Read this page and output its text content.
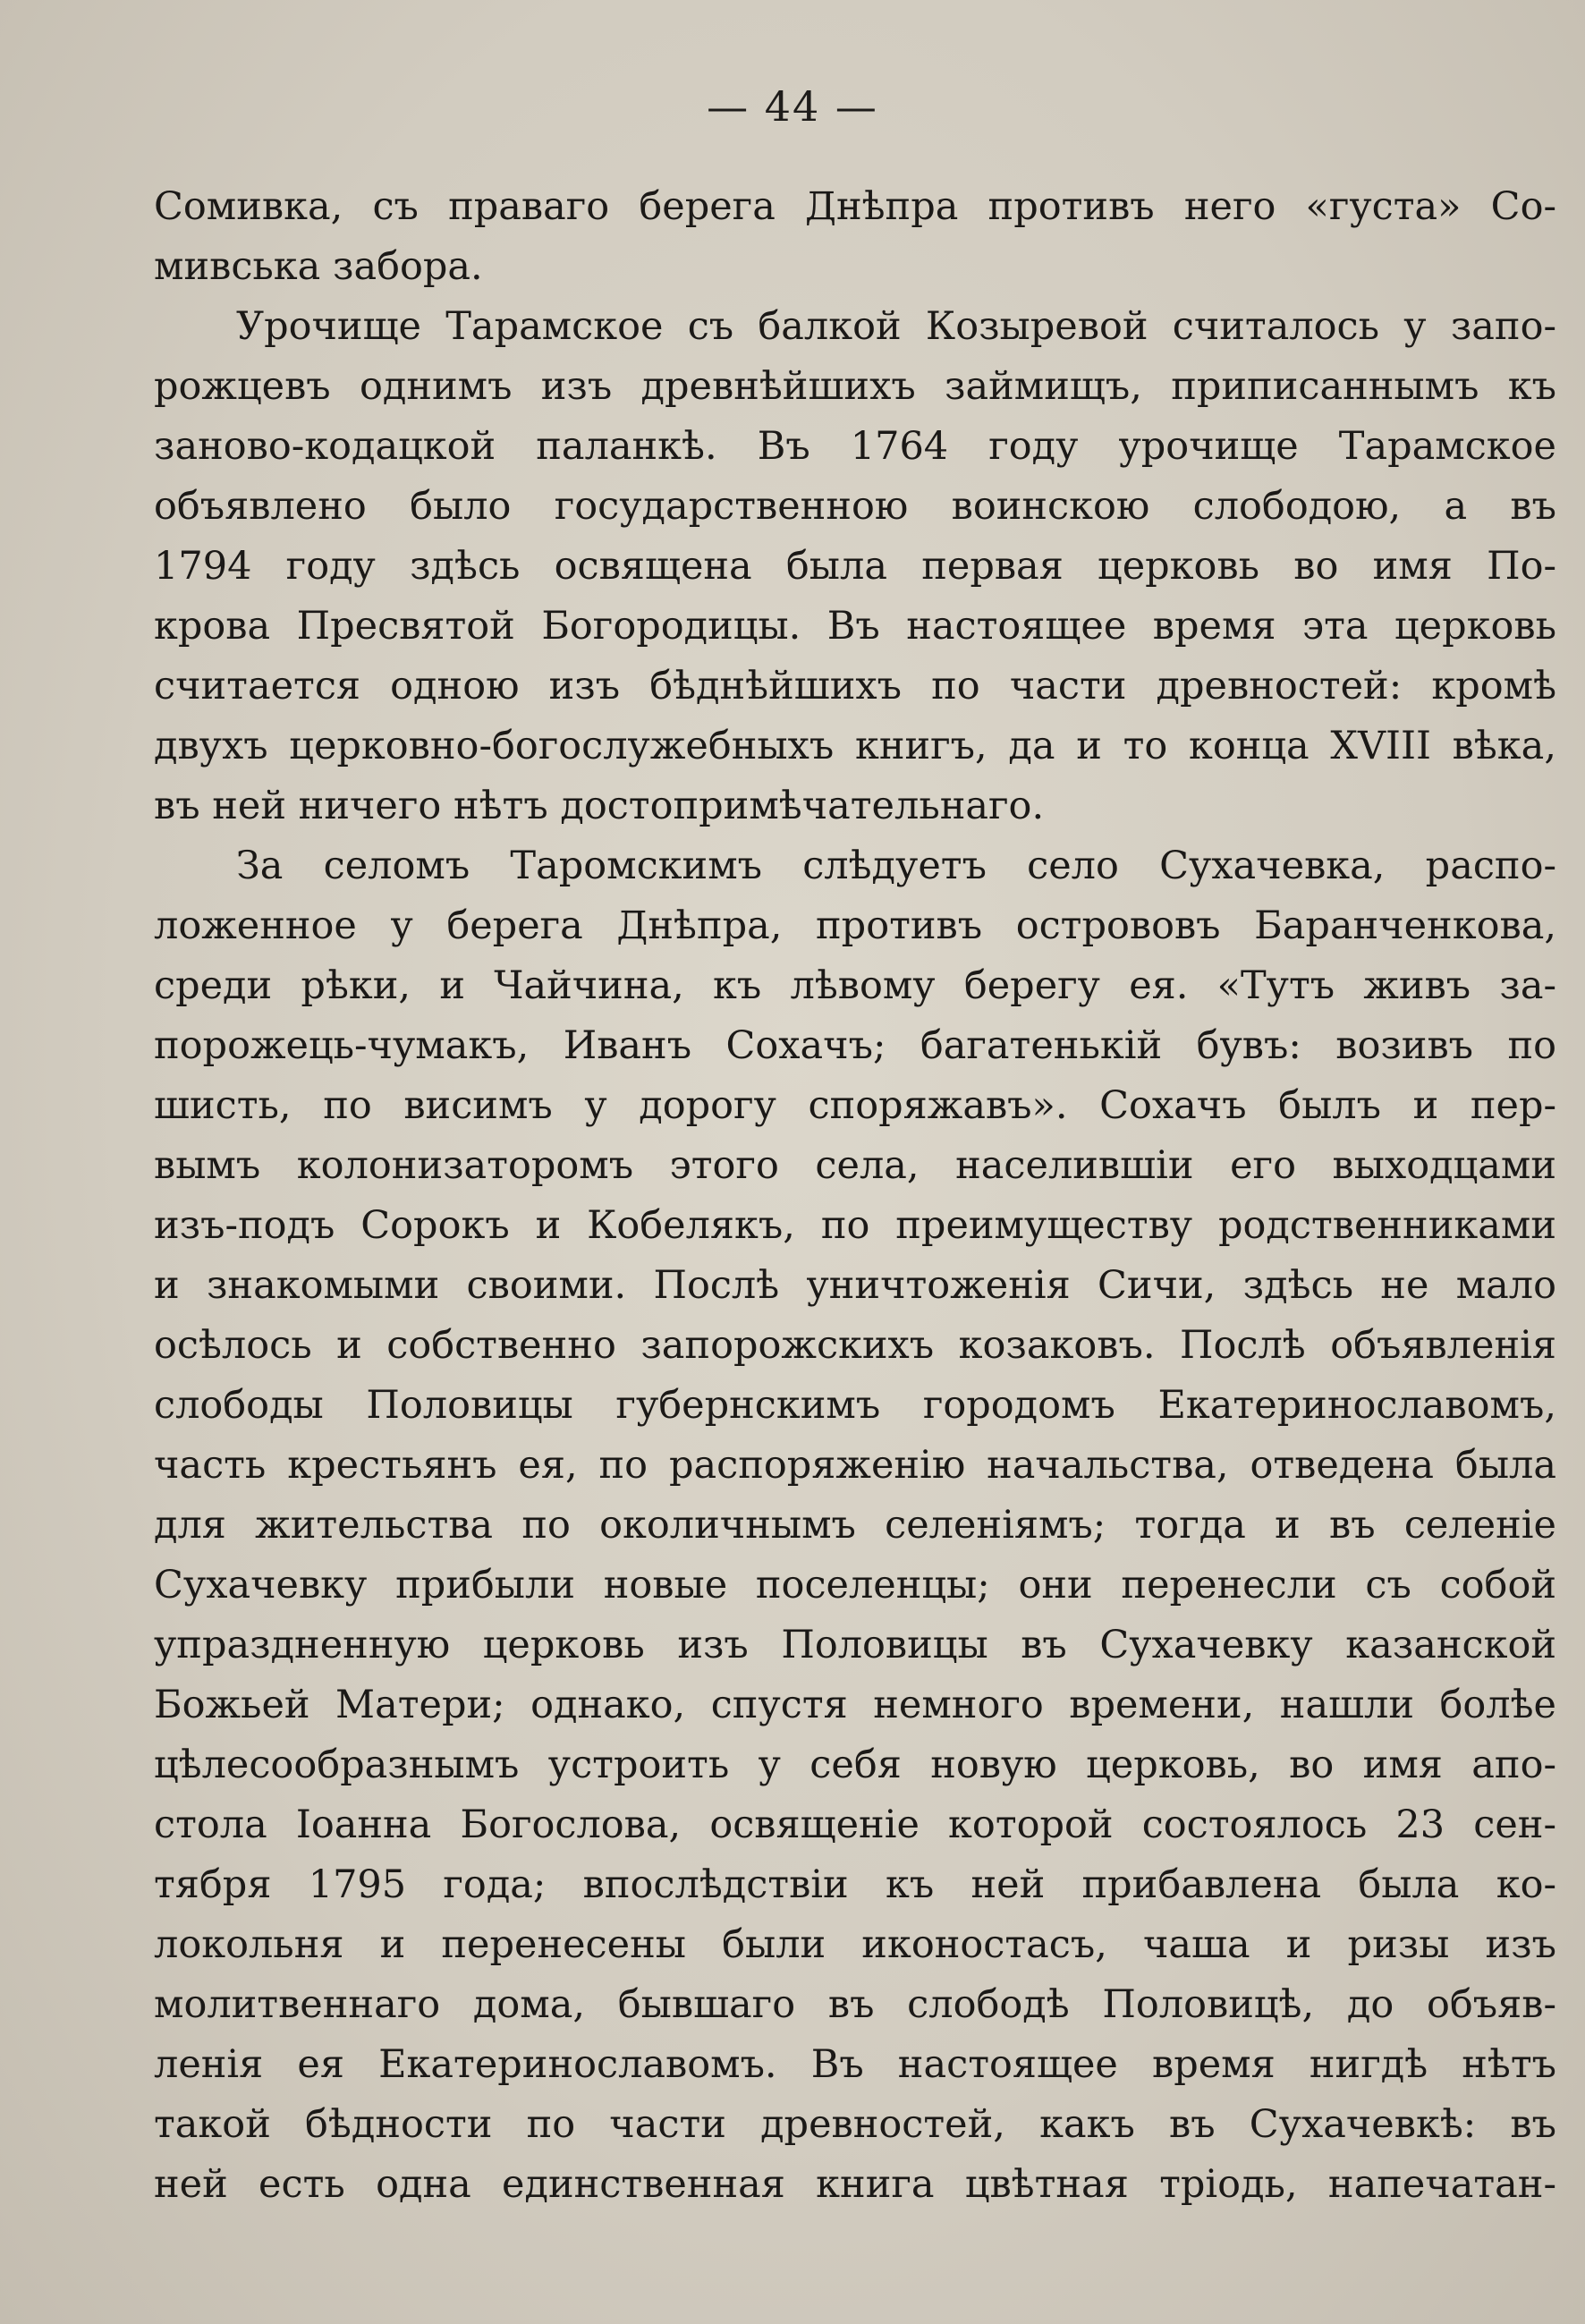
— 44 —
Сомивка, съ праваго берега Днѣпра противъ него «густа» Со-
мивська забора.
Урочище Тарамское съ балкой Козыревой считалось у запо-
рожцевъ однимъ изъ древнѣйшихъ займищъ, приписаннымъ къ
заново-кодацкой паланкѣ. Въ 1764 году урочище Тарамское
объявлено было государственною воинскою слободою, а въ
1794 году здѣсь освящена была первая церковь во имя По-
крова Пресвятой Богородицы. Въ настоящее время эта церковь
считается одною изъ бѣднѣйшихъ по части древностей: кромѣ
двухъ церковно-богослужебныхъ книгъ, да и то конца XVIII вѣка,
въ ней ничего нѣтъ достопримѣчательнаго.
За селомъ Таромскимъ слѣдуетъ село Сухачевка, распо-
ложенное у берега Днѣпра, противъ острововъ Баранченкова,
среди рѣки, и Чайчина, къ лѣвому берегу ея. «Тутъ живъ за-
порожець-чумакъ, Иванъ Сохачъ; багатенькій бувъ: возивъ по
шисть, по висимъ у дорогу споряжавъ». Сохачъ былъ и пер-
вымъ колонизаторомъ этого села, населившіи его выходцами
изъ-подъ Сорокъ и Кобелякъ, по преимуществу родственниками
и знакомыми своими. Послѣ уничтоженія Сичи, здѣсь не мало
осѣлось и собственно запорожскихъ козаковъ. Послѣ объявленія
слободы Половицы губернскимъ городомъ Екатеринославомъ,
часть крестьянъ ея, по распоряженію начальства, отведена была
для жительства по околичнымъ селеніямъ; тогда и въ селеніе
Сухачевку прибыли новые поселенцы; они перенесли съ собой
упраздненную церковь изъ Половицы въ Сухачевку казанской
Божьей Матери; однако, спустя немного времени, нашли болѣе
цѣлесообразнымъ устроить у себя новую церковь, во имя апо-
стола Іоанна Богослова, освященіе которой состоялось 23 сен-
тября 1795 года; впослѣдствіи къ ней прибавлена была ко-
локольня и перенесены были иконостасъ, чаша и ризы изъ
молитвеннаго дома, бывшаго въ слободѣ Половицѣ, до объяв-
ленія ея Екатеринославомъ. Въ настоящее время нигдѣ нѣтъ
такой бѣдности по части древностей, какъ въ Сухачевкѣ: въ
ней есть одна единственная книга цвѣтная тріодь, напечатан-
